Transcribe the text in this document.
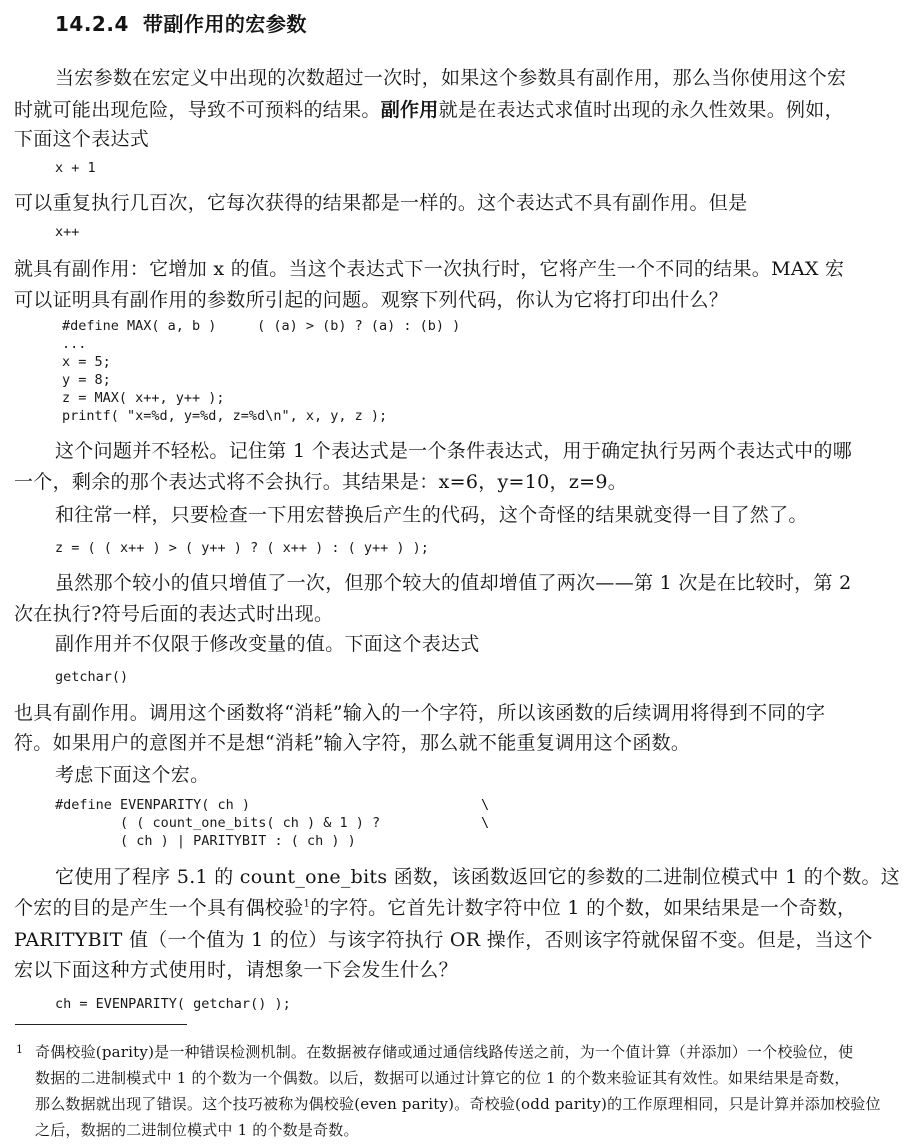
14.2.4 带副作用的宏参数
当宏参数在宏定义中出现的次数超过一次时，如果这个参数具有副作用，那么当你使用这个宏
时就可能出现危险，导致不可预料的结果。副作用就是在表达式求值时出现的永久性效果。例如，
下面这个表达式
x + 1
可以重复执行几百次，它每次获得的结果都是一样的。这个表达式不具有副作用。但是
x++
就具有副作用：它增加 x 的值。当这个表达式下一次执行时，它将产生一个不同的结果。MAX 宏
可以证明具有副作用的参数所引起的问题。观察下列代码，你认为它将打印出什么？
#define MAX( a, b )     ( (a) > (b) ? (a) : (b) )
...
x = 5;
y = 8;
z = MAX( x++, y++ );
printf( "x=%d, y=%d, z=%d\n", x, y, z );
这个问题并不轻松。记住第 1 个表达式是一个条件表达式，用于确定执行另两个表达式中的哪
一个，剩余的那个表达式将不会执行。其结果是：x=6，y=10，z=9。
和往常一样，只要检查一下用宏替换后产生的代码，这个奇怪的结果就变得一目了然了。
z = ( ( x++ ) > ( y++ ) ? ( x++ ) : ( y++ ) );
虽然那个较小的值只增值了一次，但那个较大的值却增值了两次——第 1 次是在比较时，第 2
次在执行?符号后面的表达式时出现。
副作用并不仅限于修改变量的值。下面这个表达式
getchar()
也具有副作用。调用这个函数将“消耗”输入的一个字符，所以该函数的后续调用将得到不同的字
符。如果用户的意图并不是想“消耗”输入字符，那么就不能重复调用这个函数。
考虑下面这个宏。
#define EVENPARITY( ch )
( ( count_one_bits( ch ) & 1 ) ?
( ch ) | PARITYBIT : ( ch ) )
\
\
它使用了程序 5.1 的 count_one_bits 函数，该函数返回它的参数的二进制位模式中 1 的个数。这
个宏的目的是产生一个具有偶校验$^1$的字符。它首先计数字符中位 1 的个数，如果结果是一个奇数，
PARITYBIT 值（一个值为 1 的位）与该字符执行 OR 操作，否则该字符就保留不变。但是，当这个
宏以下面这种方式使用时，请想象一下会发生什么？
ch = EVENPARITY( getchar() );
1 奇偶校验(parity)是一种错误检测机制。在数据被存储或通过通信线路传送之前，为一个值计算（并添加）一个校验位，使
数据的二进制模式中 1 的个数为一个偶数。以后，数据可以通过计算它的位 1 的个数来验证其有效性。如果结果是奇数，
那么数据就出现了错误。这个技巧被称为偶校验(even parity)。奇校验(odd parity)的工作原理相同，只是计算并添加校验位
之后，数据的二进制位模式中 1 的个数是奇数。
